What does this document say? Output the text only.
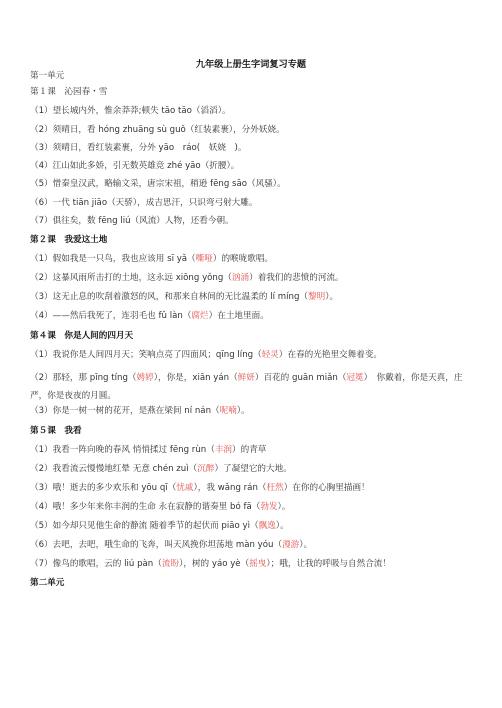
九年级上册生字词复习专题
第一单元
第１课　沁园春・雪
（1）望长城内外，惟余莽莽;顿失 tāo tāo（滔滔）。
（2）须晴日，看 hóng zhuāng sù guǒ（红装素裹），分外妖娆。
（3）须晴日，看红装素裹，分外 yāo　ráo(　妖娆　)。
（4）江山如此多娇，引无数英雄竞 zhé yāo（折腰）。
（5）惜秦皇汉武，略输文采，唐宗宋祖，稍逊 fēng sāo（风骚）。
（6）一代 tiān jiāo（天骄），成吉思汗，只识弯弓射大雕。
（7）俱往矣，数 fēng liú（风流）人物，还看今朝。
第２课　我爱这土地
（1）假如我是一只鸟，我也应该用 sī yǎ（嘶哑）的喉咙歌唱。
（2）这暴风雨所击打的土地，这永远 xiōng yǒng（汹涌）着我们的悲愤的河流。
（3）这无止息的吹刮着激怒的风，和那来自林间的无比温柔的 lí míng（黎明）。
（4）——然后我死了，连羽毛也 fǔ làn（腐烂）在土地里面。
第４课　你是人间的四月天
（1）我说你是人间四月天；笑响点亮了四面风；qīng líng（轻灵）在春的光艳里交舞着变。
（2）那轻，那 pīng tíng（娉婷），你是，xiān yán（鲜妍）百花的 guān miǎn（冠冕）　你戴着，你是天真，庄严，你是夜夜的月圆。
（3）你是一树一树的花开，是燕在梁间 ní nán（呢喃）。
第５课　我看
（1）我看一阵向晚的春风 悄悄揉过 fēng rùn（丰润）的青草
（2）我看流云慢慢地红晕 无意 chén zuì（沉醉）了凝望它的大地。
（3）哦！逝去的多少欢乐和 yōu qī（忧戚），我 wǎng rán（枉然）在你的心胸里描画！
（4）哦！多少年来你丰润的生命 永在寂静的谐奏里 bó fā（勃发）。
（5）如今却只见他生命的静流 随着季节的起伏而 piāo yì（飘逸）。
（6）去吧，去吧，哦生命的飞奔，叫天风挽你坦荡地 màn yóu（漫游）。
（7）像鸟的歌唱，云的 liú pàn（流盼），树的 yáo yè（摇曳）；哦，让我的呼吸与自然合流！
第二单元
